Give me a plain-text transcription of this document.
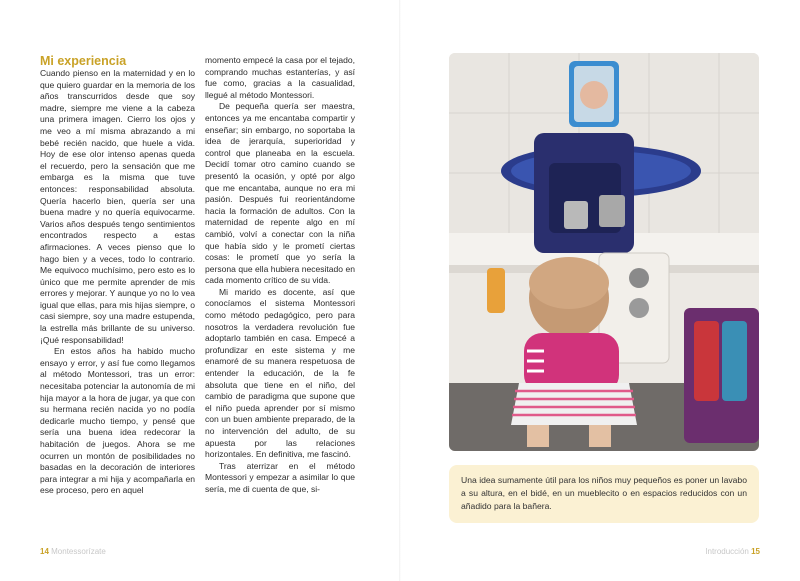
Mi experiencia

Cuando pienso en la maternidad y en lo que quiero guardar en la memoria de los años transcurridos desde que soy madre, siempre me viene a la cabeza una primera imagen. Cierro los ojos y me veo a mí misma abrazando a mi bebé recién nacido, que huele a vida. Hoy de ese olor intenso apenas queda el recuerdo, pero la sensación que me embarga es la misma que tuve entonces: responsabilidad absoluta. Quería hacerlo bien, quería ser una buena madre y no quería equivocarme. Varios años después tengo sentimientos encontrados respecto a estas afirmaciones. A veces pienso que lo hago bien y a veces, todo lo contrario. Me equivoco muchísimo, pero esto es lo único que me permite aprender de mis errores y mejorar. Y aunque yo no lo vea igual que ellas, para mis hijas siempre, o casi siempre, soy una madre estupenda, la estrella más brillante de su universo. ¡Qué responsabilidad!

En estos años ha habido mucho ensayo y error, y así fue como llegamos al método Montessori, tras un error: necesitaba potenciar la autonomía de mi hija mayor a la hora de jugar, ya que con su hermana recién nacida yo no podía dedicarle mucho tiempo, y pensé que sería una buena idea redecorar la habitación de juegos. Ahora se me ocurren un montón de posibilidades no basadas en la decoración de interiores para integrar a mi hija y acompañarla en ese proceso, pero en aquel

momento empecé la casa por el tejado, comprando muchas estanterías, y así fue como, gracias a la casualidad, llegué al método Montessori.

De pequeña quería ser maestra, entonces ya me encantaba compartir y enseñar; sin embargo, no soportaba la idea de jerarquía, superioridad y control que planeaba en la escuela. Decidí tomar otro camino cuando se presentó la ocasión, y opté por algo que me encantaba, aunque no era mi pasión. Después fui reorientándome hacia la formación de adultos. Con la maternidad de repente algo en mí cambió, volví a conectar con la niña que había sido y le prometí ciertas cosas: le prometí que yo sería la persona que ella hubiera necesitado en cada momento crítico de su vida.

Mi marido es docente, así que conocíamos el sistema Montessori como método pedagógico, pero para nosotros la verdadera revolución fue adoptarlo también en casa. Empecé a profundizar en este sistema y me enamoré de su manera respetuosa de entender la educación, de la fe absoluta que tiene en el niño, del cambio de paradigma que supone que el niño pueda aprender por sí mismo con un buen ambiente preparado, de la no intervención del adulto, de su apuesta por las relaciones horizontales. En definitiva, me fascinó.

Tras aterrizar en el método Montessori y empezar a asimilar lo que sería, me di cuenta de que, si-

14 Montessorízate
Una idea sumamente útil para los niños muy pequeños es poner un lavabo a su altura, en el bidé, en un mueblecito o en espacios reducidos con un añadido para la bañera.
Introducción 15
